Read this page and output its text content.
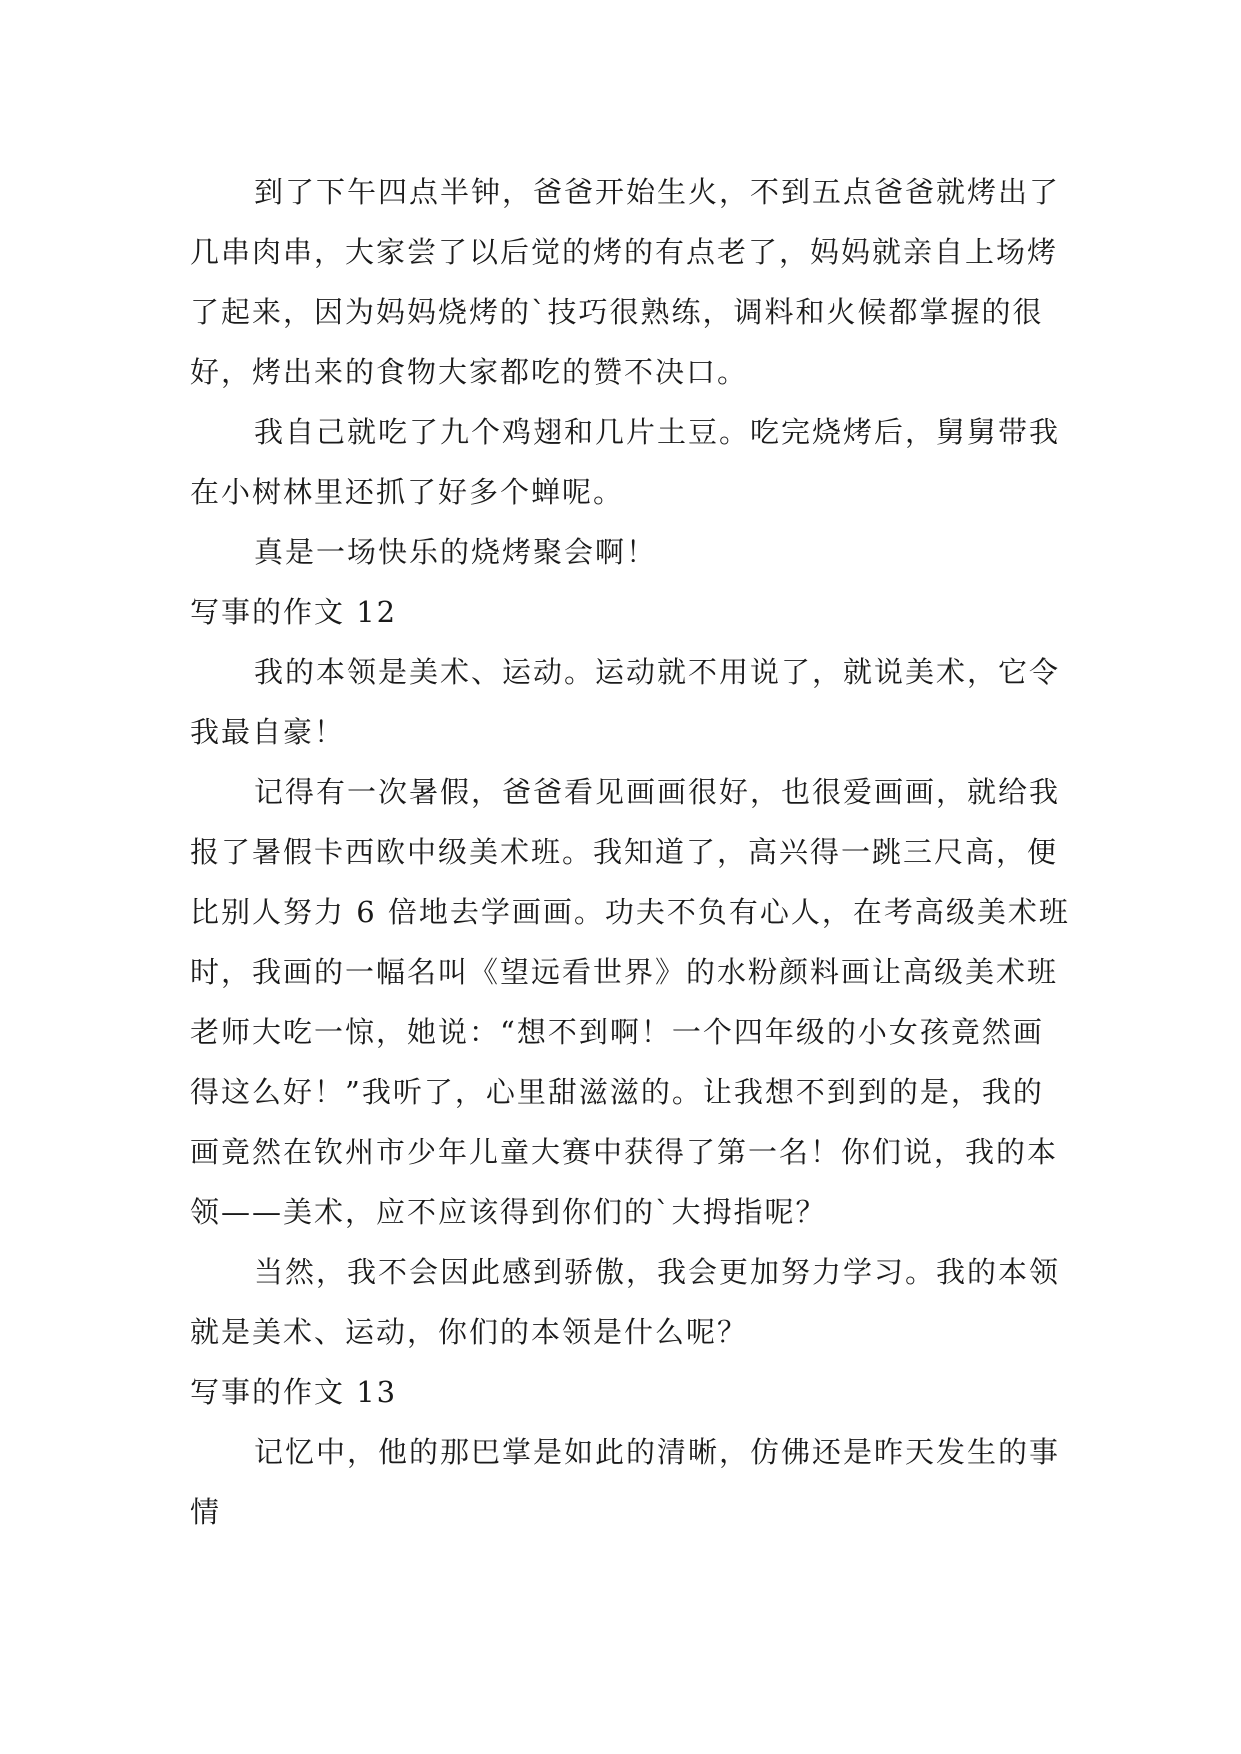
到了下午四点半钟，爸爸开始生火，不到五点爸爸就烤出了几串肉串，大家尝了以后觉的烤的有点老了，妈妈就亲自上场烤了起来，因为妈妈烧烤的`技巧很熟练，调料和火候都掌握的很好，烤出来的食物大家都吃的赞不决口。

我自己就吃了九个鸡翅和几片土豆。吃完烧烤后，舅舅带我在小树林里还抓了好多个蝉呢。

真是一场快乐的烧烤聚会啊！

写事的作文 12

我的本领是美术、运动。运动就不用说了，就说美术，它令我最自豪！

记得有一次暑假，爸爸看见画画很好，也很爱画画，就给我报了暑假卡西欧中级美术班。我知道了，高兴得一跳三尺高，便比别人努力 6 倍地去学画画。功夫不负有心人，在考高级美术班时，我画的一幅名叫《望远看世界》的水粉颜料画让高级美术班老师大吃一惊，她说：“想不到啊！一个四年级的小女孩竟然画得这么好！”我听了，心里甜滋滋的。让我想不到到的是，我的画竟然在钦州市少年儿童大赛中获得了第一名！你们说，我的本领——美术，应不应该得到你们的`大拇指呢？

当然，我不会因此感到骄傲，我会更加努力学习。我的本领就是美术、运动，你们的本领是什么呢？

写事的作文 13

记忆中，他的那巴掌是如此的清晰，仿佛还是昨天发生的事情
